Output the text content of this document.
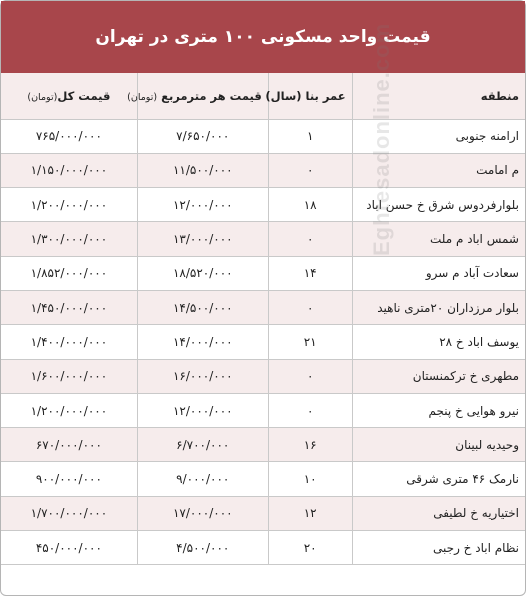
قیمت واحد مسکونی ۱۰۰ متری در تهران
منطقه	عمر بنا (سال)	قیمت هر مترمربع (تومان)	قیمت کل(تومان)
ارامنه جنوبی	۱	۷/۶۵۰/۰۰۰	۷۶۵/۰۰۰/۰۰۰
م امامت	۰	۱۱/۵۰۰/۰۰۰	۱/۱۵۰/۰۰۰/۰۰۰
بلوارفردوس شرق خ حسن اباد	۱۸	۱۲/۰۰۰/۰۰۰	۱/۲۰۰/۰۰۰/۰۰۰
شمس اباد م ملت	۰	۱۳/۰۰۰/۰۰۰	۱/۳۰۰/۰۰۰/۰۰۰
سعادت آباد م سرو	۱۴	۱۸/۵۲۰/۰۰۰	۱/۸۵۲/۰۰۰/۰۰۰
بلوار مرزداران ۲۰متری ناهید	۰	۱۴/۵۰۰/۰۰۰	۱/۴۵۰/۰۰۰/۰۰۰
یوسف اباد خ ۲۸	۲۱	۱۴/۰۰۰/۰۰۰	۱/۴۰۰/۰۰۰/۰۰۰
مطهری خ ترکمنستان	۰	۱۶/۰۰۰/۰۰۰	۱/۶۰۰/۰۰۰/۰۰۰
نیرو هوایی خ پنجم	۰	۱۲/۰۰۰/۰۰۰	۱/۲۰۰/۰۰۰/۰۰۰
وحیدیه لبینان	۱۶	۶/۷۰۰/۰۰۰	۶۷۰/۰۰۰/۰۰۰
نارمک ۴۶ متری شرقی	۱۰	۹/۰۰۰/۰۰۰	۹۰۰/۰۰۰/۰۰۰
اختیاریه خ لطیفی	۱۲	۱۷/۰۰۰/۰۰۰	۱/۷۰۰/۰۰۰/۰۰۰
نظام اباد خ رجبی	۲۰	۴/۵۰۰/۰۰۰	۴۵۰/۰۰۰/۰۰۰
Eghtesadonline.com
